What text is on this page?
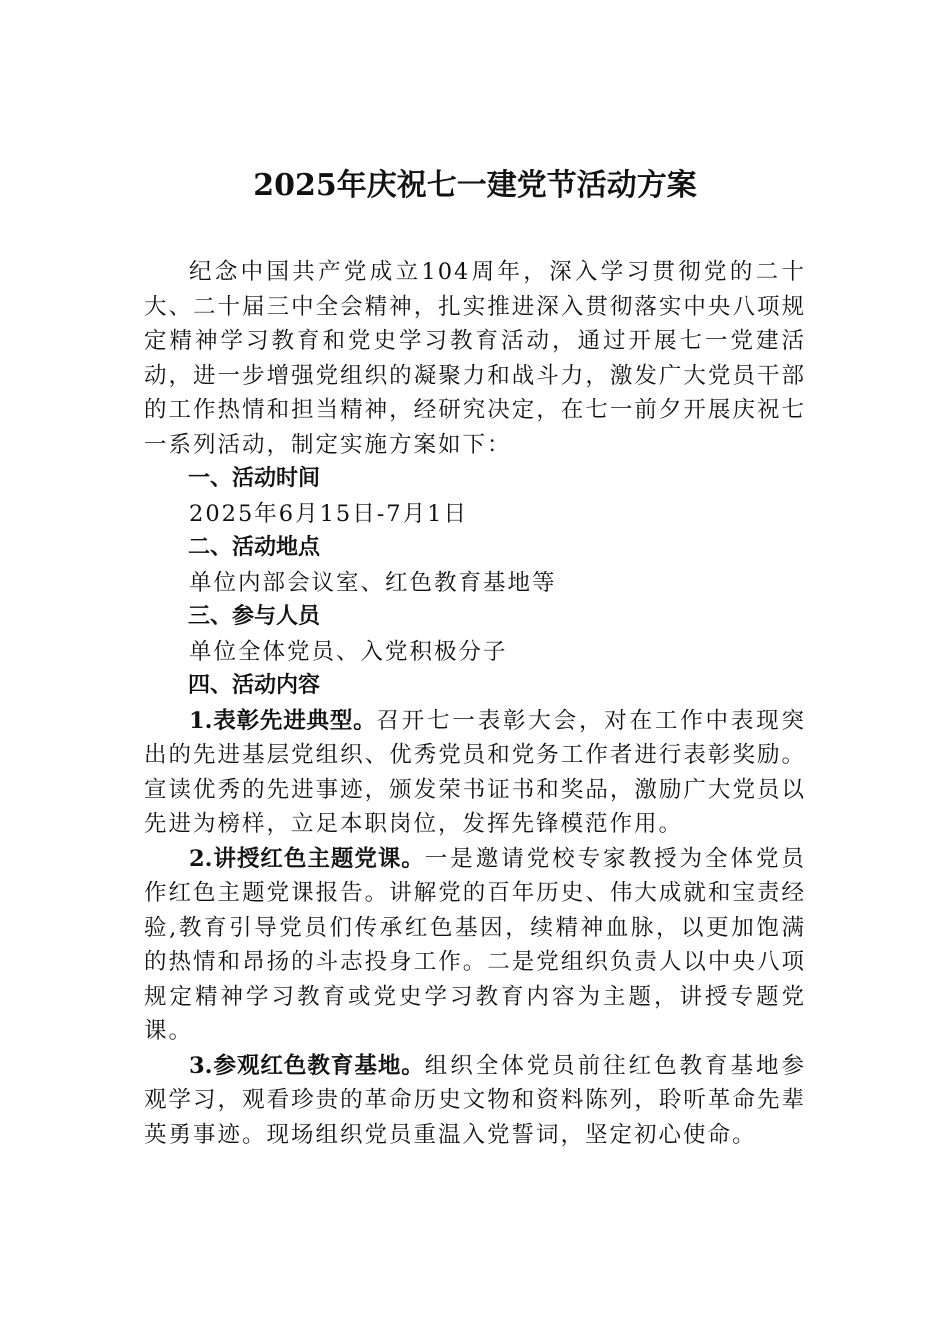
2025年庆祝七一建党节活动方案

纪念中国共产党成立104周年，深入学习贯彻党的二十大、二十届三中全会精神，扎实推进深入贯彻落实中央八项规定精神学习教育和党史学习教育活动，通过开展七一党建活动，进一步增强党组织的凝聚力和战斗力，激发广大党员干部的工作热情和担当精神，经研究决定，在七一前夕开展庆祝七一系列活动，制定实施方案如下：

一、活动时间

2025年6月15日-7月1日

二、活动地点

单位内部会议室、红色教育基地等

三、参与人员

单位全体党员、入党积极分子

四、活动内容

1.表彰先进典型。召开七一表彰大会，对在工作中表现突出的先进基层党组织、优秀党员和党务工作者进行表彰奖励。宣读优秀的先进事迹，颁发荣书证书和奖品，激励广大党员以先进为榜样，立足本职岗位，发挥先锋模范作用。

2.讲授红色主题党课。一是邀请党校专家教授为全体党员作红色主题党课报告。讲解党的百年历史、伟大成就和宝责经验,教育引导党员们传承红色基因，续精神血脉，以更加饱满的热情和昂扬的斗志投身工作。二是党组织负责人以中央八项规定精神学习教育或党史学习教育内容为主题，讲授专题党课。

3.参观红色教育基地。组织全体党员前往红色教育基地参观学习，观看珍贵的革命历史文物和资料陈列，聆听革命先辈英勇事迹。现场组织党员重温入党誓词，坚定初心使命。
